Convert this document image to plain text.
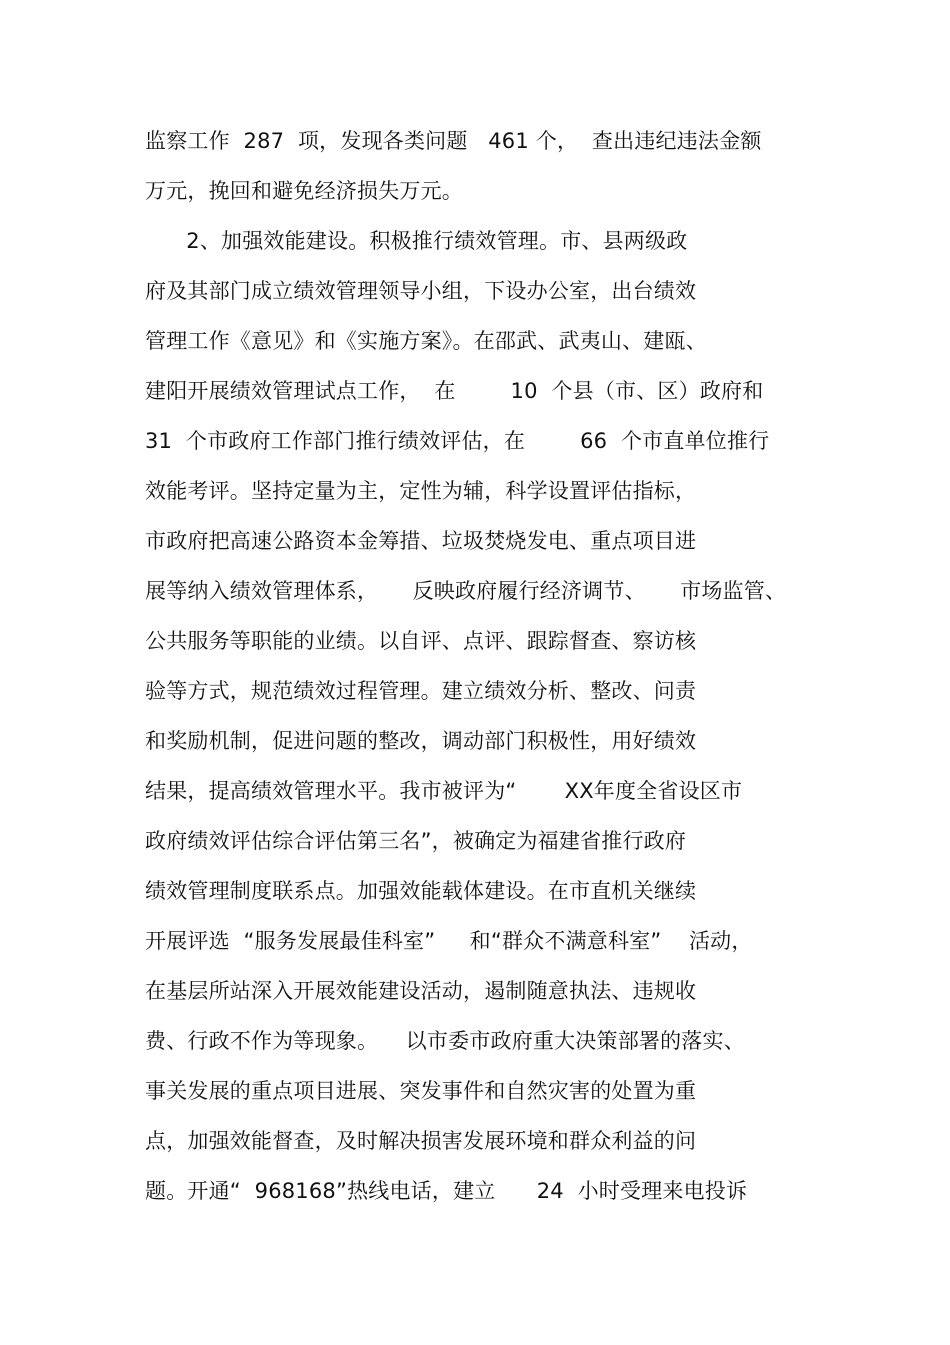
监察工作  287  项，发现各类问题   461 个，  查出违纪违法金额
万元，挽回和避免经济损失万元。
2、加强效能建设。积极推行绩效管理。市、县两级政
府及其部门成立绩效管理领导小组，下设办公室，出台绩效
管理工作《意见》和《实施方案》。在邵武、武夷山、建瓯、
建阳开展绩效管理试点工作，  在        10  个县（市、区）政府和
31  个市政府工作部门推行绩效评估，在        66  个市直单位推行
效能考评。坚持定量为主，定性为辅，科学设置评估指标，
市政府把高速公路资本金筹措、垃圾焚烧发电、重点项目进
展等纳入绩效管理体系，     反映政府履行经济调节、     市场监管、
公共服务等职能的业绩。以自评、点评、跟踪督查、察访核
验等方式，规范绩效过程管理。建立绩效分析、整改、问责
和奖励机制，促进问题的整改，调动部门积极性，用好绩效
结果，提高绩效管理水平。我市被评为“       XX年度全省设区市
政府绩效评估综合评估第三名”，被确定为福建省推行政府
绩效管理制度联系点。加强效能载体建设。在市直机关继续
开展评选  “服务发展最佳科室”     和“群众不满意科室”    活动，
在基层所站深入开展效能建设活动，遏制随意执法、违规收
费、行政不作为等现象。    以市委市政府重大决策部署的落实、
事关发展的重点项目进展、突发事件和自然灾害的处置为重
点，加强效能督查，及时解决损害发展环境和群众利益的问
题。开通“  968168”热线电话，建立      24  小时受理来电投诉
